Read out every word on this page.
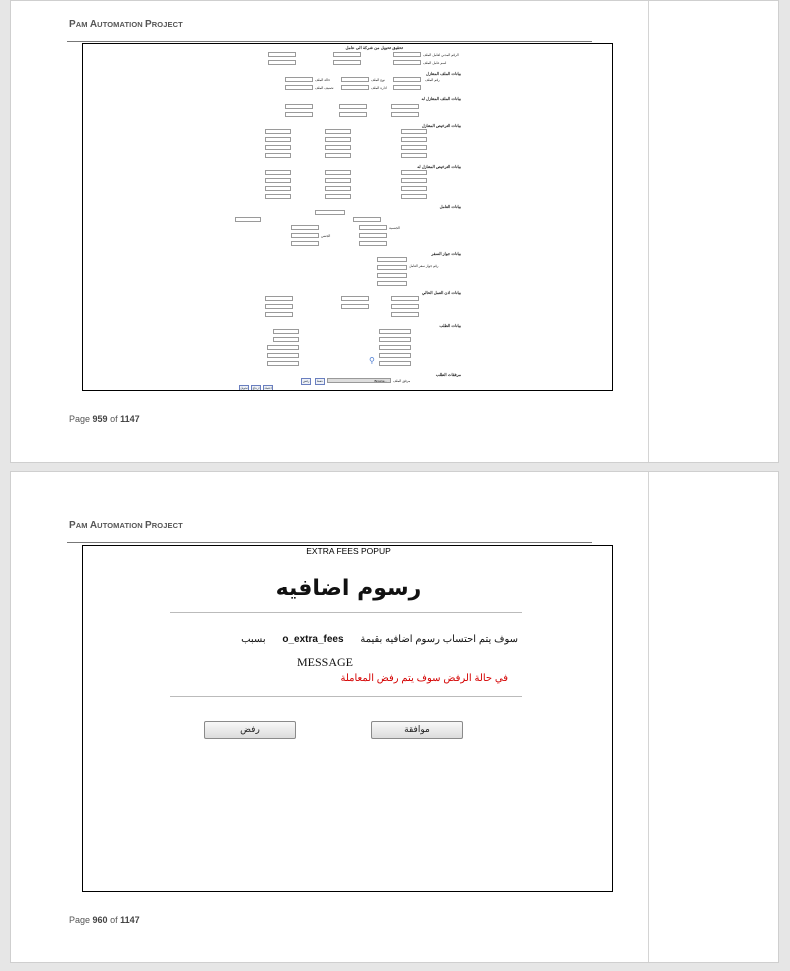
PAM AUTOMATION PROJECT
تحقيق تحويل من شركة الى عامل
الرقم المدني لعامل الملف
اسم عامل الملف
بيانات الملف المتنازل
رقم الملف
نوع الملف
حالة الملف
ادارة الملف
تصنيف الملف
بيانات الملف المتنازل له
بيانات الترخيص المتنازل
بيانات الترخيص المتنازل له
بيانات العامل
الجنسية
الجنس
بيانات جواز السفر
رقم جواز سفر العامل
بيانات اذن العمل الحالي
بيانات الطلب
⚲
مرفقات الطلب
Browse...	مرفق الملف
حفظ
رفض
اعتماد
ارجاع
تحويل
Page 959 of 1147
PAM AUTOMATION PROJECT
EXTRA FEES POPUP
رسوم اضافيه
سوف يتم احتساب رسوم اضافيه بقيمة o_extra_fees بسبب
MESSAGE
في حالة الرفض سوف يتم رفض المعاملة
موافقة
رفض
Page 960 of 1147
